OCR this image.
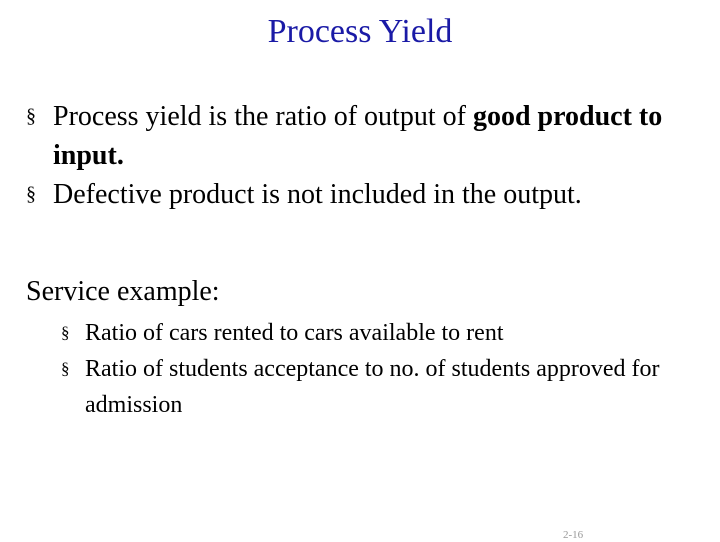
Process Yield
§ Process yield is the ratio of output of good product to input.
§ Defective product is not included in the output.
Service example:
§ Ratio of cars rented to cars available to rent
§ Ratio of students acceptance to no. of students approved for admission
2-16
